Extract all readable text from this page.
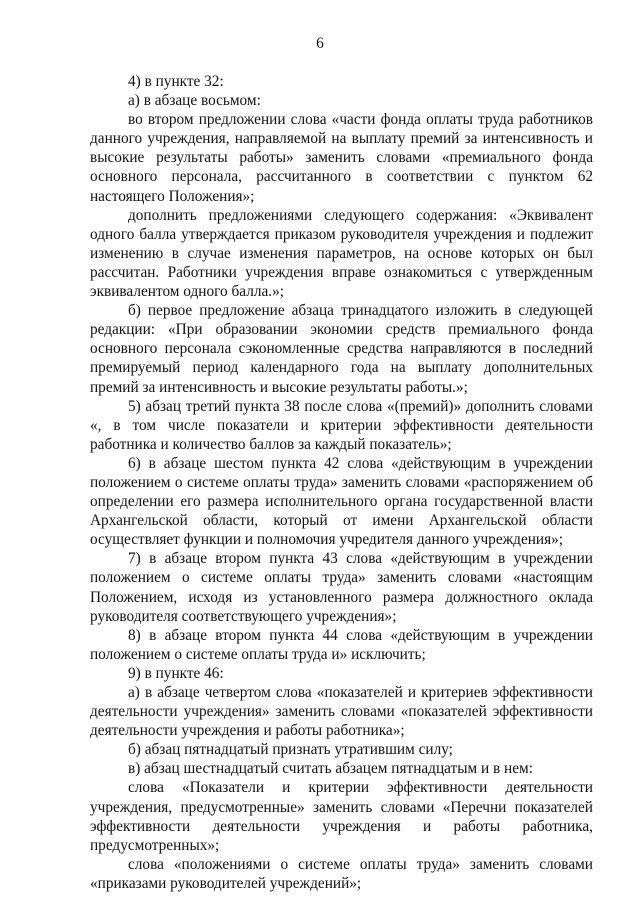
6

4) в пункте 32:

а) в абзаце восьмом:

во втором предложении слова «части фонда оплаты труда работников данного учреждения, направляемой на выплату премий за интенсивность и высокие результаты работы» заменить словами «премиального фонда основного персонала, рассчитанного в соответствии с пунктом 62 настоящего Положения»;

дополнить предложениями следующего содержания: «Эквивалент одного балла утверждается приказом руководителя учреждения и подлежит изменению в случае изменения параметров, на основе которых он был рассчитан. Работники учреждения вправе ознакомиться с утвержденным эквивалентом одного балла.»;

б) первое предложение абзаца тринадцатого изложить в следующей редакции: «При образовании экономии средств премиального фонда основного персонала сэкономленные средства направляются в последний премируемый период календарного года на выплату дополнительных премий за интенсивность и высокие результаты работы.»;

5) абзац третий пункта 38 после слова «(премий)» дополнить словами «, в том числе показатели и критерии эффективности деятельности работника и количество баллов за каждый показатель»;

6) в абзаце шестом пункта 42 слова «действующим в учреждении положением о системе оплаты труда» заменить словами «распоряжением об определении его размера исполнительного органа государственной власти Архангельской области, который от имени Архангельской области осуществляет функции и полномочия учредителя данного учреждения»;

7) в абзаце втором пункта 43 слова «действующим в учреждении положением о системе оплаты труда» заменить словами «настоящим Положением, исходя из установленного размера должностного оклада руководителя соответствующего учреждения»;

8) в абзаце втором пункта 44 слова «действующим в учреждении положением о системе оплаты труда и» исключить;

9) в пункте 46:

а) в абзаце четвертом слова «показателей и критериев эффективности деятельности учреждения» заменить словами «показателей эффективности деятельности учреждения и работы работника»;

б) абзац пятнадцатый признать утратившим силу;

в) абзац шестнадцатый считать абзацем пятнадцатым и в нем:

слова «Показатели и критерии эффективности деятельности учреждения, предусмотренные» заменить словами «Перечни показателей эффективности деятельности учреждения и работы работника, предусмотренных»;

слова «положениями о системе оплаты труда» заменить словами «приказами руководителей учреждений»;
